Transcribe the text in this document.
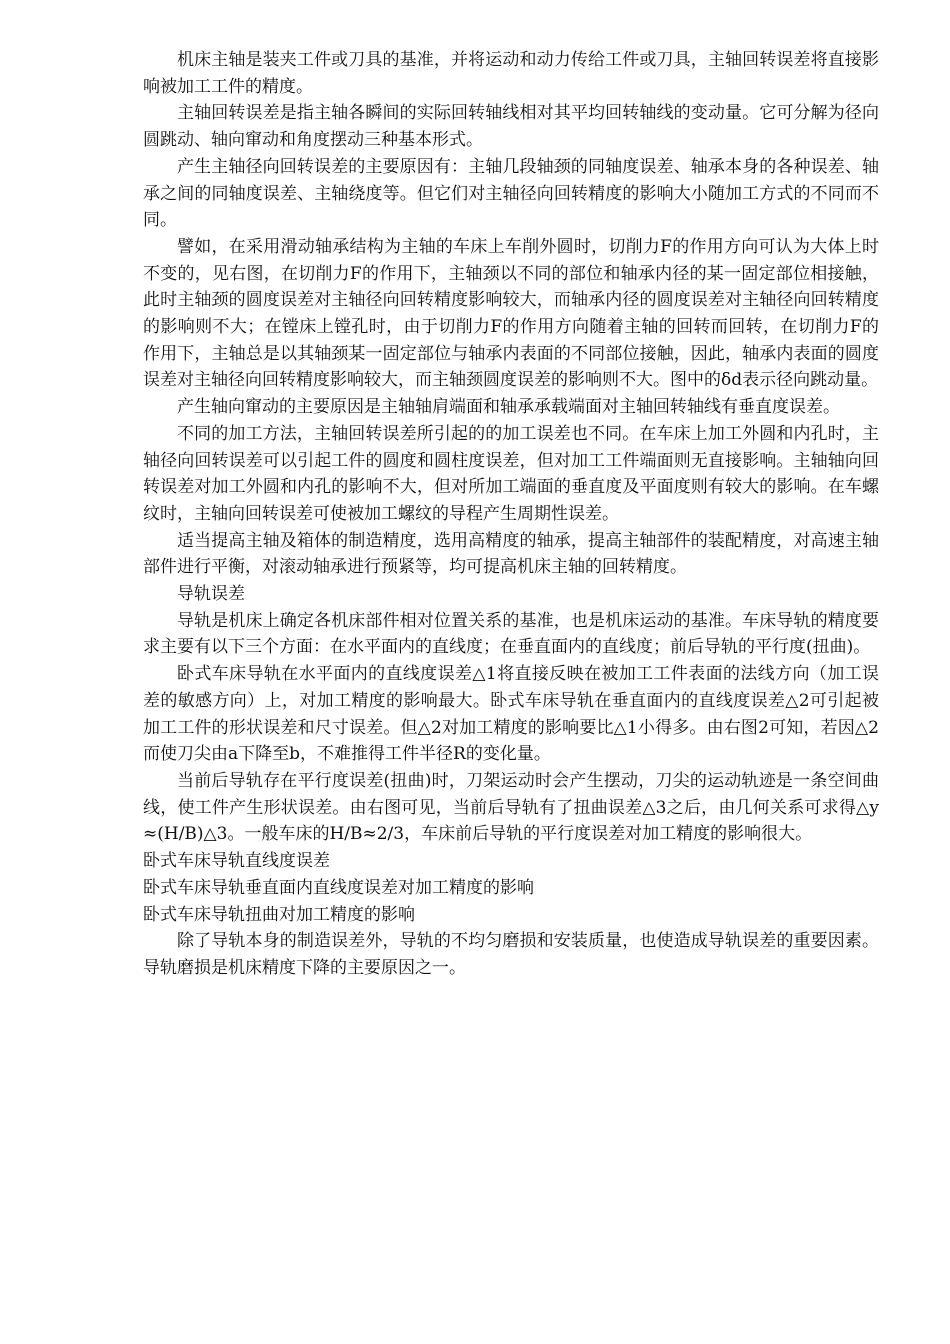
机床主轴是装夹工件或刀具的基准，并将运动和动力传给工件或刀具，主轴回转误差将直接影响被加工工件的精度。

主轴回转误差是指主轴各瞬间的实际回转轴线相对其平均回转轴线的变动量。它可分解为径向圆跳动、轴向窜动和角度摆动三种基本形式。

产生主轴径向回转误差的主要原因有：主轴几段轴颈的同轴度误差、轴承本身的各种误差、轴承之间的同轴度误差、主轴绕度等。但它们对主轴径向回转精度的影响大小随加工方式的不同而不同。

譬如，在采用滑动轴承结构为主轴的车床上车削外圆时，切削力F的作用方向可认为大体上时不变的，见右图，在切削力F的作用下，主轴颈以不同的部位和轴承内径的某一固定部位相接触，此时主轴颈的圆度误差对主轴径向回转精度影响较大，而轴承内径的圆度误差对主轴径向回转精度的影响则不大；在镗床上镗孔时，由于切削力F的作用方向随着主轴的回转而回转，在切削力F的作用下，主轴总是以其轴颈某一固定部位与轴承内表面的不同部位接触，因此，轴承内表面的圆度误差对主轴径向回转精度影响较大，而主轴颈圆度误差的影响则不大。图中的δd表示径向跳动量。

产生轴向窜动的主要原因是主轴轴肩端面和轴承承载端面对主轴回转轴线有垂直度误差。

不同的加工方法，主轴回转误差所引起的的加工误差也不同。在车床上加工外圆和内孔时，主轴径向回转误差可以引起工件的圆度和圆柱度误差，但对加工工件端面则无直接影响。主轴轴向回转误差对加工外圆和内孔的影响不大，但对所加工端面的垂直度及平面度则有较大的影响。在车螺纹时，主轴向回转误差可使被加工螺纹的导程产生周期性误差。

适当提高主轴及箱体的制造精度，选用高精度的轴承，提高主轴部件的装配精度，对高速主轴部件进行平衡，对滚动轴承进行预紧等，均可提高机床主轴的回转精度。

导轨误差

导轨是机床上确定各机床部件相对位置关系的基准，也是机床运动的基准。车床导轨的精度要求主要有以下三个方面：在水平面内的直线度；在垂直面内的直线度；前后导轨的平行度(扭曲)。

卧式车床导轨在水平面内的直线度误差△1将直接反映在被加工工件表面的法线方向（加工误差的敏感方向）上，对加工精度的影响最大。卧式车床导轨在垂直面内的直线度误差△2可引起被加工工件的形状误差和尺寸误差。但△2对加工精度的影响要比△1小得多。由右图2可知，若因△2而使刀尖由a下降至b，不难推得工件半径R的变化量。

当前后导轨存在平行度误差(扭曲)时，刀架运动时会产生摆动，刀尖的运动轨迹是一条空间曲线，使工件产生形状误差。由右图可见，当前后导轨有了扭曲误差△3之后，由几何关系可求得△y≈(H/B)△3。一般车床的H/B≈2/3，车床前后导轨的平行度误差对加工精度的影响很大。

卧式车床导轨直线度误差

卧式车床导轨垂直面内直线度误差对加工精度的影响

卧式车床导轨扭曲对加工精度的影响

除了导轨本身的制造误差外，导轨的不均匀磨损和安装质量，也使造成导轨误差的重要因素。导轨磨损是机床精度下降的主要原因之一。
